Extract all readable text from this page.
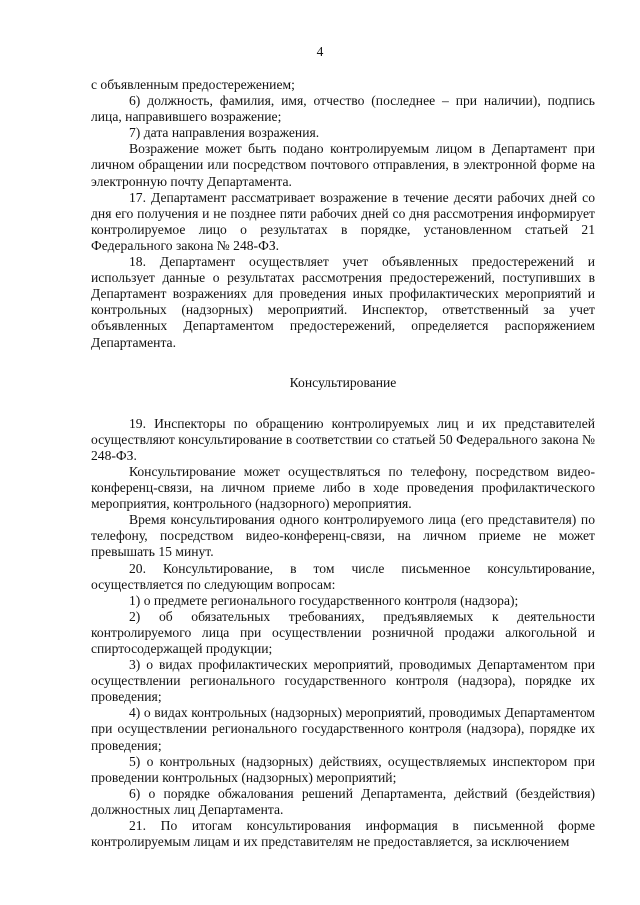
4

с объявленным предостережением;

6) должность, фамилия, имя, отчество (последнее – при наличии), подпись лица, направившего возражение;

7) дата направления возражения.

Возражение может быть подано контролируемым лицом в Департамент при личном обращении или посредством почтового отправления, в электронной форме на электронную почту Департамента.

17. Департамент рассматривает возражение в течение десяти рабочих дней со дня его получения и не позднее пяти рабочих дней со дня рассмотрения информирует контролируемое лицо о результатах в порядке, установленном статьей 21 Федерального закона № 248-ФЗ.

18. Департамент осуществляет учет объявленных предостережений и использует данные о результатах рассмотрения предостережений, поступивших в Департамент возражениях для проведения иных профилактических мероприятий и контрольных (надзорных) мероприятий. Инспектор, ответственный за учет объявленных Департаментом предостережений, определяется распоряжением Департамента.

Консультирование

19. Инспекторы по обращению контролируемых лиц и их представителей осуществляют консультирование в соответствии со статьей 50 Федерального закона № 248-ФЗ.

Консультирование может осуществляться по телефону, посредством видео-конференц-связи, на личном приеме либо в ходе проведения профилактического мероприятия, контрольного (надзорного) мероприятия.

Время консультирования одного контролируемого лица (его представителя) по телефону, посредством видео-конференц-связи, на личном приеме не может превышать 15 минут.

20. Консультирование, в том числе письменное консультирование, осуществляется по следующим вопросам:

1) о предмете регионального государственного контроля (надзора);

2) об обязательных требованиях, предъявляемых к деятельности контролируемого лица при осуществлении розничной продажи алкогольной и спиртосодержащей продукции;

3) о видах профилактических мероприятий, проводимых Департаментом при осуществлении регионального государственного контроля (надзора), порядке их проведения;

4) о видах контрольных (надзорных) мероприятий, проводимых Департаментом при осуществлении регионального государственного контроля (надзора), порядке их проведения;

5) о контрольных (надзорных) действиях, осуществляемых инспектором при проведении контрольных (надзорных) мероприятий;

6) о порядке обжалования решений Департамента, действий (бездействия) должностных лиц Департамента.

21. По итогам консультирования информация в письменной форме контролируемым лицам и их представителям не предоставляется, за исключением
